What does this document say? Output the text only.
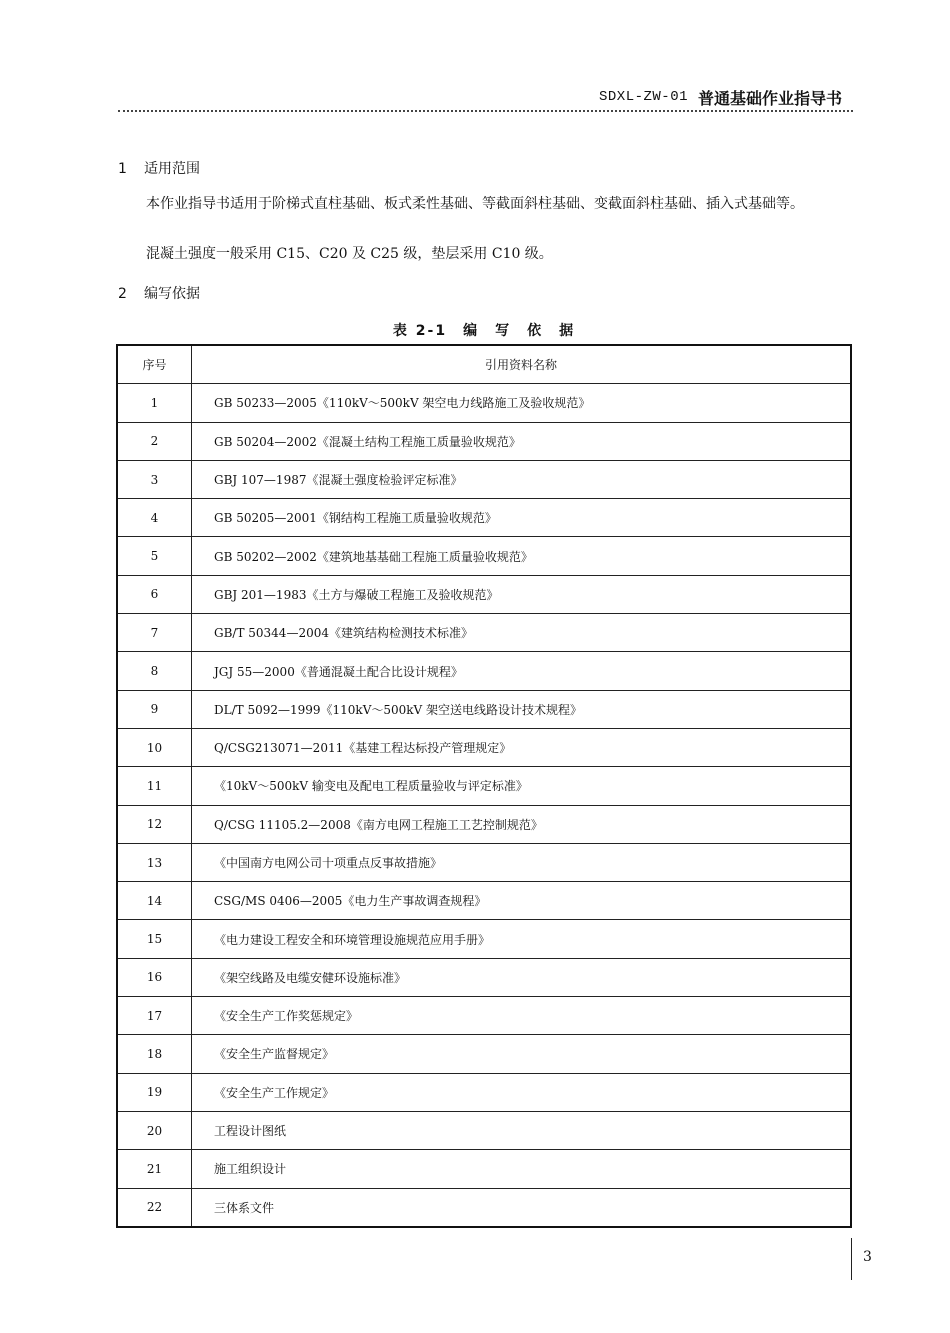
SDXL-ZW-01 普通基础作业指导书
1 适用范围
本作业指导书适用于阶梯式直柱基础、板式柔性基础、等截面斜柱基础、变截面斜柱基础、插入式基础等。
混凝土强度一般采用 C15、C20 及 C25 级，垫层采用 C10 级。
2 编写依据
表 2-1　编　写　依　据
序号	引用资料名称
1	GB 50233—2005《110kV～500kV 架空电力线路施工及验收规范》
2	GB 50204—2002《混凝土结构工程施工质量验收规范》
3	GBJ 107—1987《混凝土强度检验评定标准》
4	GB 50205—2001《钢结构工程施工质量验收规范》
5	GB 50202—2002《建筑地基基础工程施工质量验收规范》
6	GBJ 201—1983《土方与爆破工程施工及验收规范》
7	GB/T 50344—2004《建筑结构检测技术标准》
8	JGJ 55—2000《普通混凝土配合比设计规程》
9	DL/T 5092—1999《110kV～500kV 架空送电线路设计技术规程》
10	Q/CSG213071—2011《基建工程达标投产管理规定》
11	《10kV～500kV 输变电及配电工程质量验收与评定标准》
12	Q/CSG 11105.2—2008《南方电网工程施工工艺控制规范》
13	《中国南方电网公司十项重点反事故措施》
14	CSG/MS 0406—2005《电力生产事故调查规程》
15	《电力建设工程安全和环境管理设施规范应用手册》
16	《架空线路及电缆安健环设施标准》
17	《安全生产工作奖惩规定》
18	《安全生产监督规定》
19	《安全生产工作规定》
20	工程设计图纸
21	施工组织设计
22	三体系文件
3
